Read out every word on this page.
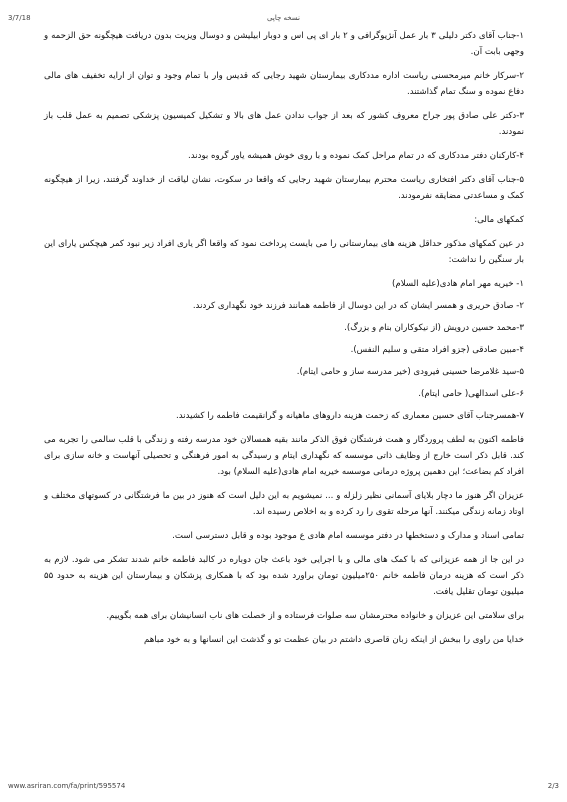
3/7/18	نسخه چاپی

۱-جناب آقای دکتر دلیلی ۳ بار عمل آنژیوگرافی و ۲ بار ای پی اس و دوبار ابیلیشن و دوسال ویزیت بدون دریافت هیچگونه حق الزحمه و وجهی بابت آن.

۲-سرکار خانم میرمحسنی ریاست اداره مددکاری بیمارستان شهید رجایی که قدیس وار با تمام وجود و توان از ارایه تخفیف های مالی دفاع نموده و سنگ تمام گذاشتند.

۳-دکتر علی صادق پور جراح معروف کشور که بعد از جواب ندادن عمل های بالا و تشکیل کمیسیون پزشکی تصمیم به عمل قلب باز نمودند.

۴-کارکنان دفتر مددکاری که در تمام مراحل کمک نموده و با روی خوش همیشه یاور گروه بودند.

۵-جناب آقای دکتر افتخاری ریاست محترم بیمارستان شهید رجایی که واقعا در سکوت، نشان لیاقت از خداوند گرفتند، زیرا از هیچگونه کمک و مساعدتی مضایقه نفرمودند.

کمکهای مالی:

در عین کمکهای مذکور حداقل هزینه های بیمارستانی را می بایست پرداخت نمود که واقعا اگر یاری افراد زیر نبود کمر هیچکس یارای این بار سنگین را نداشت:

۱- خیریه مهر امام هادی(علیه السلام)

۲- صادق حریری و همسر ایشان که در این دوسال از فاطمه همانند فرزند خود نگهداری کردند.

۳-محمد حسین درویش (از نیکوکاران بنام و بزرگ).

۴-مبین صادقی (جزو افراد متقی و سلیم النفس).

۵-سید غلامرضا حسینی فیرودی (خیر مدرسه ساز و حامی ایتام).

۶-علی اسدالهی( حامی ایتام).

۷-همسرجناب آقای حسین معماری که زحمت هزینه داروهای ماهیانه و گرانقیمت فاطمه را کشیدند.

فاطمه اکنون به لطف پروردگار و همت فرشتگان فوق الذکر مانند بقیه همسالان خود مدرسه رفته و زندگی با قلب سالمی را تجربه می کند. قابل ذکر است خارج از وظایف ذاتی موسسه که نگهداری ایتام و رسیدگی به امور فرهنگی و تحصیلی آنهاست و خانه سازی برای افراد کم بضاعت؛ این دهمین پروژه درمانی موسسه خیریه امام هادی(علیه السلام) بود.

عزیزان اگر هنوز ما دچار بلایای آسمانی نظیر زلزله و ... نمیشویم به این دلیل است که هنوز در بین ما فرشتگانی در کسوتهای مختلف و اوتاد زمانه زندگی میکنند. آنها مرحله تقوی را رد کرده و به اخلاص رسیده اند.

تمامی اسناد و مدارک و دستخطها در دفتر موسسه امام هادی ع موجود بوده و قابل دسترسی است.

در این جا از همه عزیزانی که با کمک های مالی و با اجرایی خود باعث جان دوباره در کالبد فاطمه خانم شدند تشکر می شود. لازم به ذکر است که هزینه درمان فاطمه خانم ۲۵۰میلیون تومان براورد شده بود که با همکاری پزشکان و بیمارستان این هزینه به حدود ۵۵ میلیون تومان تقلیل یافت.

برای سلامتی این عزیزان و خانواده محترمشان سه صلوات فرستاده و از خصلت های ناب انسانیشان برای همه بگوییم.

خدایا من راوی را ببخش از اینکه زبان قاصری داشتم در بیان عظمت تو و گذشت این انسانها و به خود مباهم

www.asriran.com/fa/print/595574	2/3
